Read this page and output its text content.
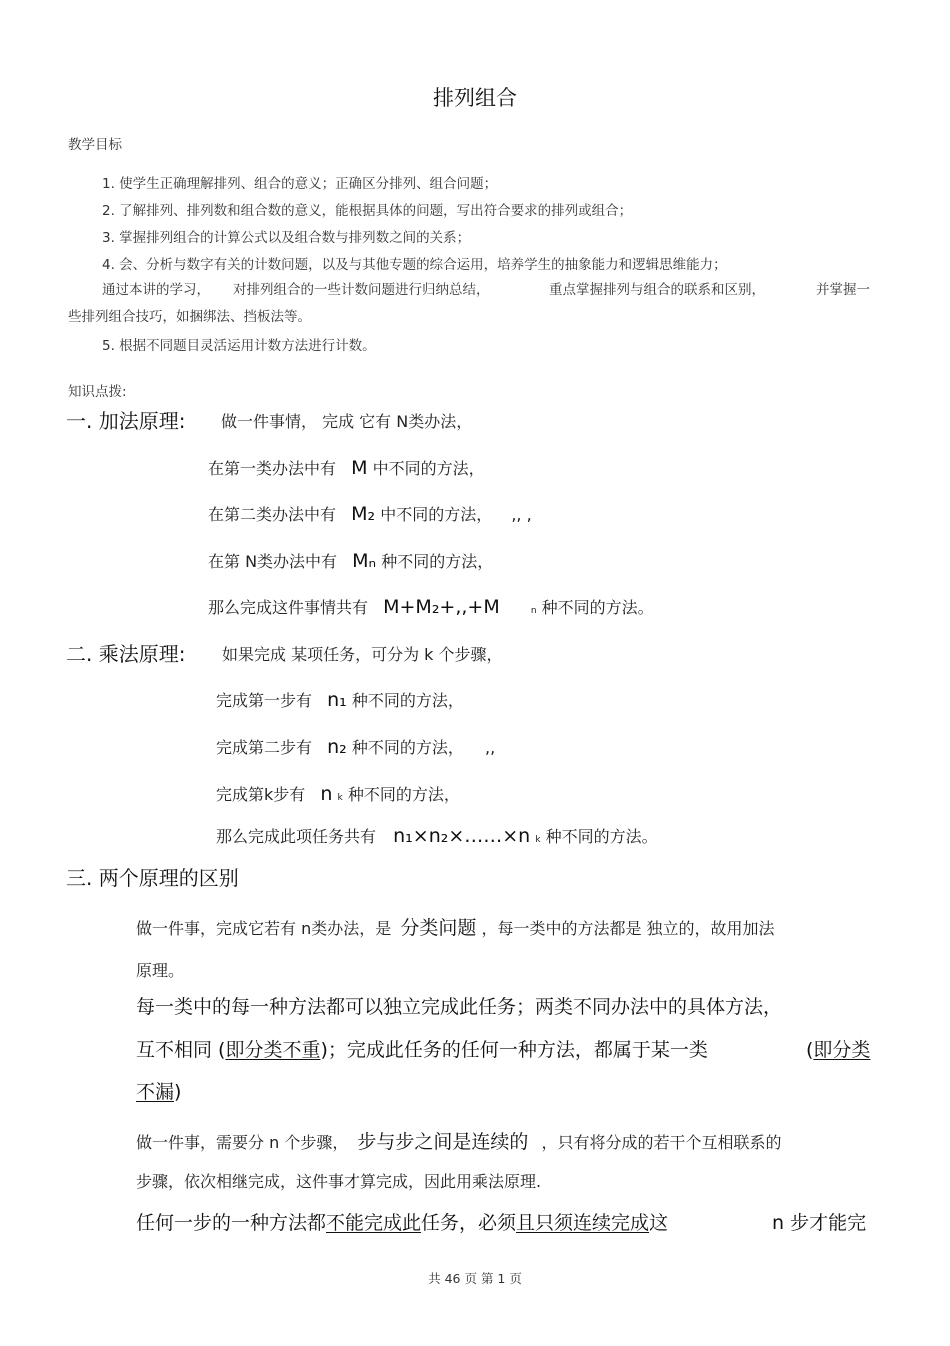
排列组合
教学目标
1. 使学生正确理解排列、组合的意义；正确区分排列、组合问题；
2. 了解排列、排列数和组合数的意义，能根据具体的问题，写出符合要求的排列或组合；
3. 掌握排列组合的计算公式以及组合数与排列数之间的关系；
4. 会、分析与数字有关的计数问题，以及与其他专题的综合运用，培养学生的抽象能力和逻辑思维能力；
通过本讲的学习， 对排列组合的一些计数问题进行归纳总结，	重点掌握排列与组合的联系和区别，	并掌握一
些排列组合技巧，如捆绑法、挡板法等。
5. 根据不同题目灵活运用计数方法进行计数。
知识点拨:
一. 加法原理: 做一件事情， 完成 它有 N类办法，
在第一类办法中有 M 中不同的方法，
在第二类办法中有 M₂ 中不同的方法， ,, ,
在第 N类办法中有 Mₙ 种不同的方法，
那么完成这件事情共有 M+M₂+,,+M	n 种不同的方法。
二. 乘法原理: 如果完成 某项任务，可分为 k 个步骤，
完成第一步有 n₁ 种不同的方法，
完成第二步有 n₂ 种不同的方法， ,,
完成第k步有 n k 种不同的方法，
那么完成此项任务共有 n₁×n₂×……×n k 种不同的方法。
三. 两个原理的区别
做一件事，完成它若有 n类办法，是 分类问题 ，每一类中的方法都是 独立的，故用加法
原理。
每一类中的每一种方法都可以独立完成此任务；两类不同办法中的具体方法，
互不相同 (即分类不重)；完成此任务的任何一种方法，都属于某一类	(即分类
不漏)
做一件事，需要分 n 个步骤， 步与步之间是连续的 ，只有将分成的若干个互相联系的
步骤，依次相继完成，这件事才算完成，因此用乘法原理.
任何一步的一种方法都不能完成此任务，必须且只须连续完成这	n 步才能完
共 46 页 第 1 页
